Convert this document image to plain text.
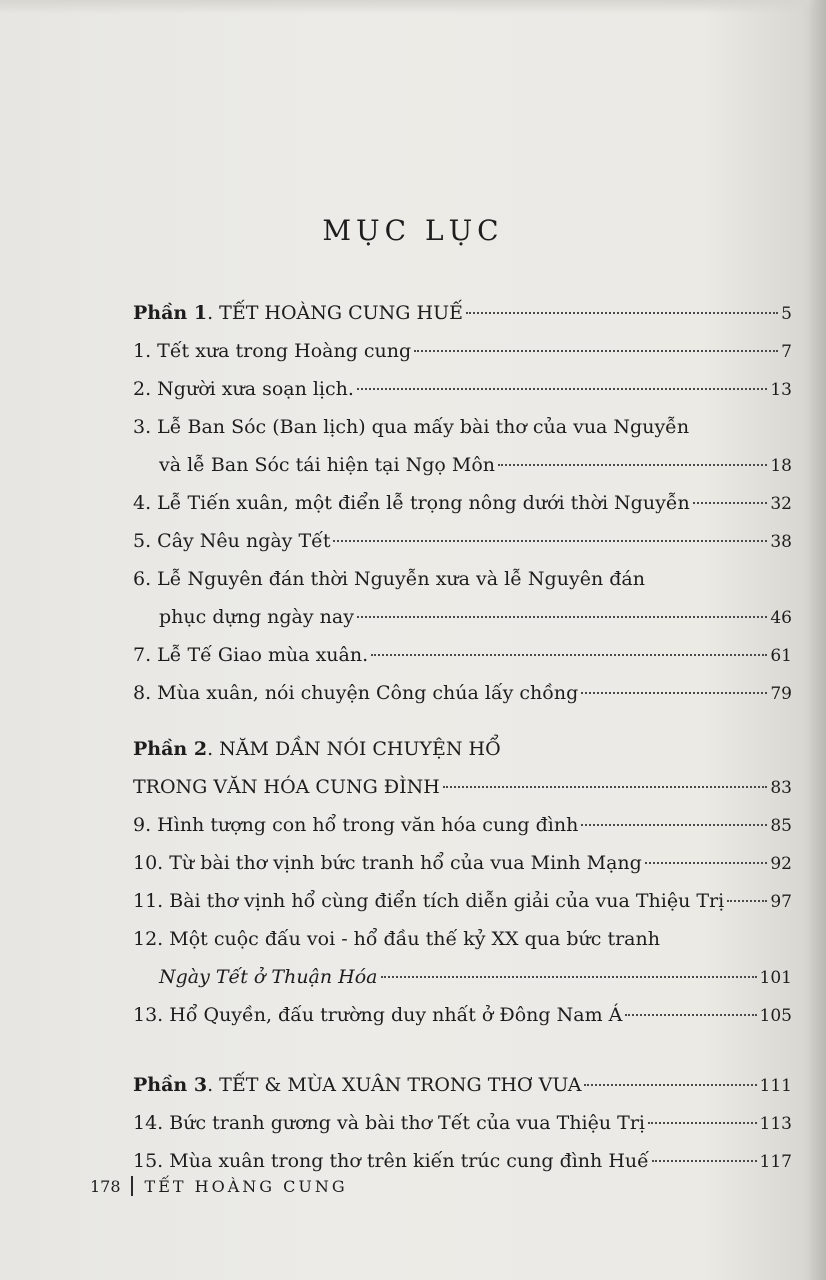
MỤC LỤC
Phần 1. TẾT HOÀNG CUNG HUẾ	5
1. Tết xưa trong Hoàng cung	7
2. Người xưa soạn lịch.	13
3. Lễ Ban Sóc (Ban lịch) qua mấy bài thơ của vua Nguyễn
và lễ Ban Sóc tái hiện tại Ngọ Môn	18
4. Lễ Tiến xuân, một điển lễ trọng nông dưới thời Nguyễn	32
5. Cây Nêu ngày Tết	38
6. Lễ Nguyên đán thời Nguyễn xưa và lễ Nguyên đán
phục dựng ngày nay	46
7. Lễ Tế Giao mùa xuân.	61
8. Mùa xuân, nói chuyện Công chúa lấy chồng	79
Phần 2. NĂM DẦN NÓI CHUYỆN HỔ
TRONG VĂN HÓA CUNG ĐÌNH	83
9. Hình tượng con hổ trong văn hóa cung đình	85
10. Từ bài thơ vịnh bức tranh hổ của vua Minh Mạng	92
11. Bài thơ vịnh hổ cùng điển tích diễn giải của vua Thiệu Trị	97
12. Một cuộc đấu voi - hổ đầu thế kỷ XX qua bức tranh
Ngày Tết ở Thuận Hóa	101
13. Hổ Quyền, đấu trường duy nhất ở Đông Nam Á	105
Phần 3. TẾT & MÙA XUÂN TRONG THƠ VUA	111
14. Bức tranh gương và bài thơ Tết của vua Thiệu Trị	113
15. Mùa xuân trong thơ trên kiến trúc cung đình Huế	117
178 TẾT HOÀNG CUNG
